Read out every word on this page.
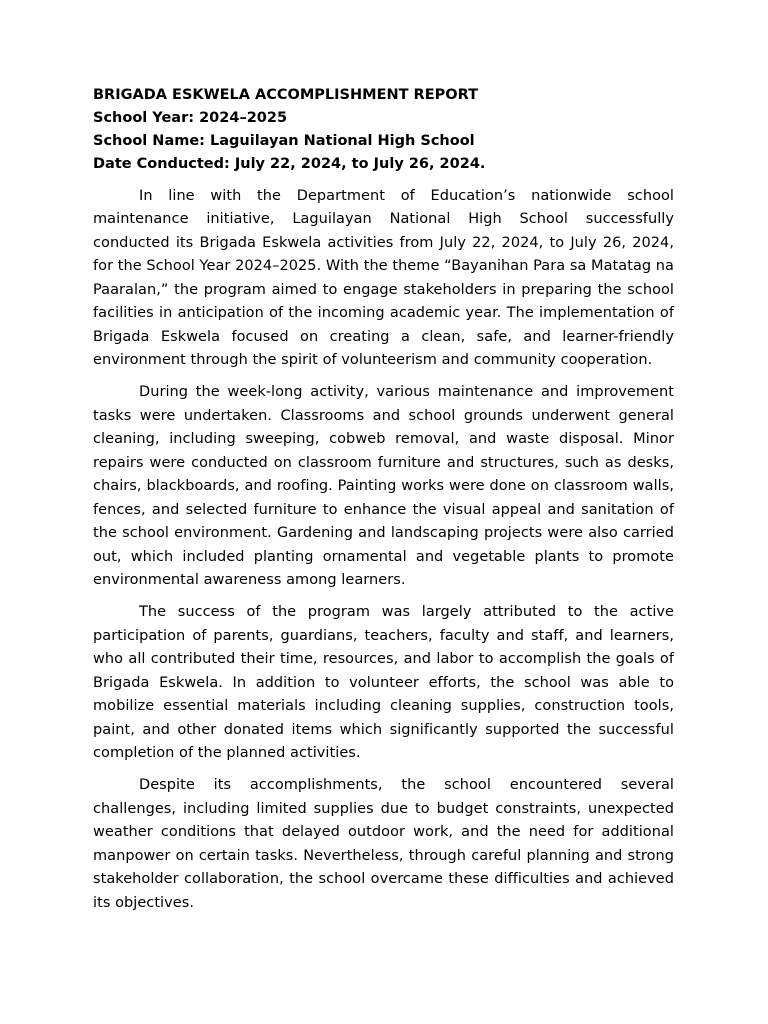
BRIGADA ESKWELA ACCOMPLISHMENT REPORT

School Year: 2024–2025

School Name: Laguilayan National High School

Date Conducted: July 22, 2024, to July 26, 2024.

In line with the Department of Education’s nationwide school maintenance initiative, Laguilayan National High School successfully conducted its Brigada Eskwela activities from July 22, 2024, to July 26, 2024, for the School Year 2024–2025. With the theme “Bayanihan Para sa Matatag na Paaralan,” the program aimed to engage stakeholders in preparing the school facilities in anticipation of the incoming academic year. The implementation of Brigada Eskwela focused on creating a clean, safe, and learner-friendly environment through the spirit of volunteerism and community cooperation.

During the week-long activity, various maintenance and improvement tasks were undertaken. Classrooms and school grounds underwent general cleaning, including sweeping, cobweb removal, and waste disposal. Minor repairs were conducted on classroom furniture and structures, such as desks, chairs, blackboards, and roofing. Painting works were done on classroom walls, fences, and selected furniture to enhance the visual appeal and sanitation of the school environment. Gardening and landscaping projects were also carried out, which included planting ornamental and vegetable plants to promote environmental awareness among learners.

The success of the program was largely attributed to the active participation of parents, guardians, teachers, faculty and staff, and learners, who all contributed their time, resources, and labor to accomplish the goals of Brigada Eskwela. In addition to volunteer efforts, the school was able to mobilize essential materials including cleaning supplies, construction tools, paint, and other donated items which significantly supported the successful completion of the planned activities.

Despite its accomplishments, the school encountered several challenges, including limited supplies due to budget constraints, unexpected weather conditions that delayed outdoor work, and the need for additional manpower on certain tasks. Nevertheless, through careful planning and strong stakeholder collaboration, the school overcame these difficulties and achieved its objectives.
